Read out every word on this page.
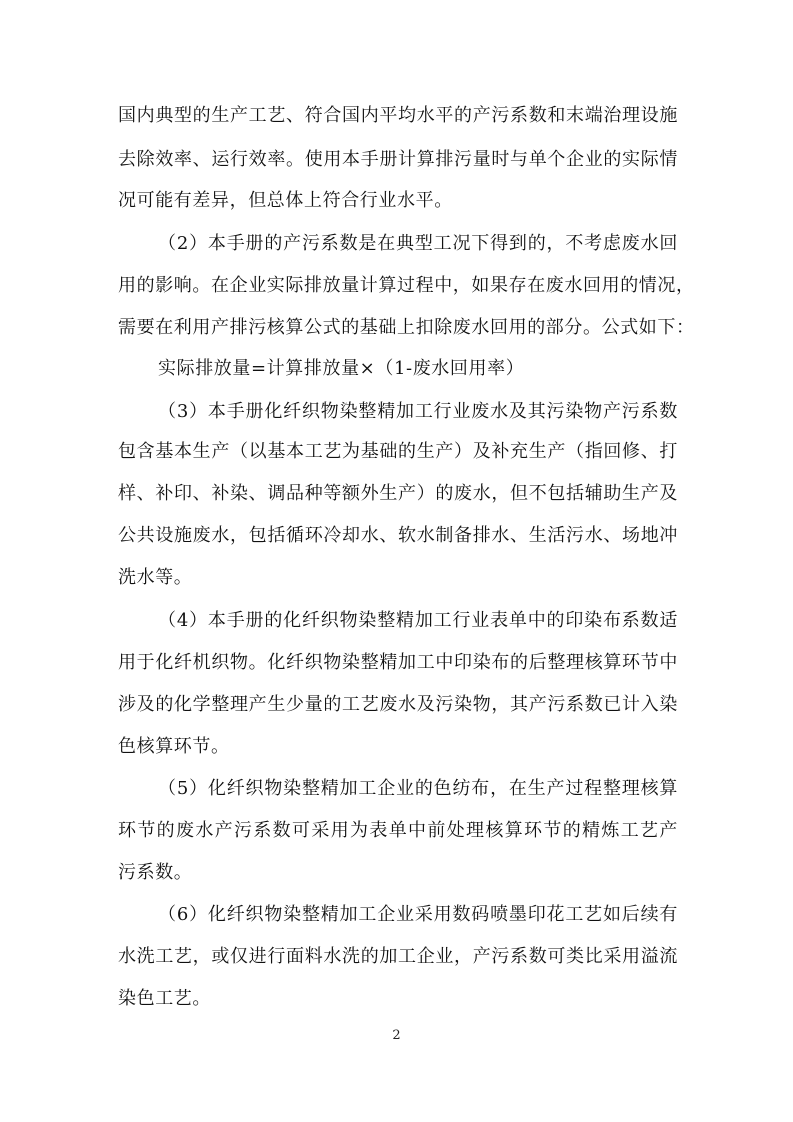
国内典型的生产工艺、符合国内平均水平的产污系数和末端治理设施
去除效率、运行效率。使用本手册计算排污量时与单个企业的实际情
况可能有差异，但总体上符合行业水平。
（2）本手册的产污系数是在典型工况下得到的，不考虑废水回
用的影响。在企业实际排放量计算过程中，如果存在废水回用的情况，
需要在利用产排污核算公式的基础上扣除废水回用的部分。公式如下：
实际排放量=计算排放量×（1-废水回用率）
（3）本手册化纤织物染整精加工行业废水及其污染物产污系数
包含基本生产（以基本工艺为基础的生产）及补充生产（指回修、打
样、补印、补染、调品种等额外生产）的废水，但不包括辅助生产及
公共设施废水，包括循环冷却水、软水制备排水、生活污水、场地冲
洗水等。
（4）本手册的化纤织物染整精加工行业表单中的印染布系数适
用于化纤机织物。化纤织物染整精加工中印染布的后整理核算环节中
涉及的化学整理产生少量的工艺废水及污染物，其产污系数已计入染
色核算环节。
（5）化纤织物染整精加工企业的色纺布，在生产过程整理核算
环节的废水产污系数可采用为表单中前处理核算环节的精炼工艺产
污系数。
（6）化纤织物染整精加工企业采用数码喷墨印花工艺如后续有
水洗工艺，或仅进行面料水洗的加工企业，产污系数可类比采用溢流
染色工艺。
2
